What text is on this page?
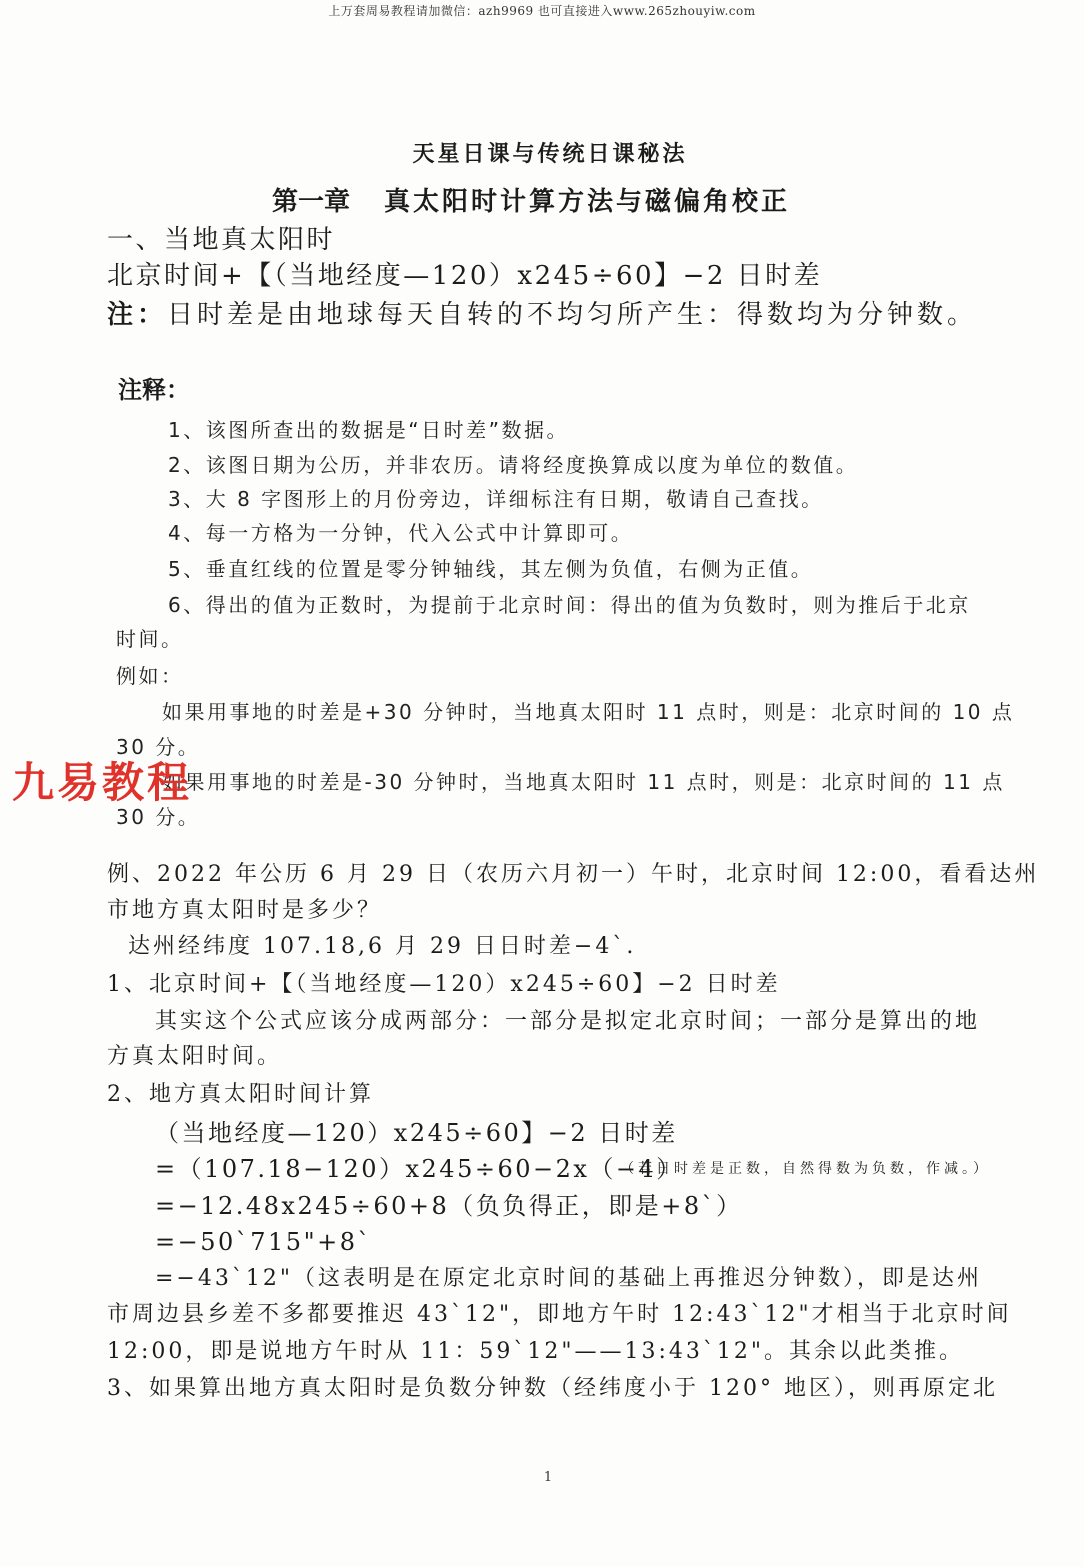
上万套周易教程请加微信：azh9969 也可直接进入www.265zhouyiw.com
天星日课与传统日课秘法
第一章 真太阳时计算方法与磁偏角校正
一、当地真太阳时
北京时间+【（当地经度—120）x245÷60】−2 日时差
注：日时差是由地球每天自转的不均匀所产生：得数均为分钟数。
注释：
1、该图所查出的数据是“日时差”数据。
2、该图日期为公历，并非农历。请将经度换算成以度为单位的数值。
3、大 8 字图形上的月份旁边，详细标注有日期，敬请自己查找。
4、每一方格为一分钟，代入公式中计算即可。
5、垂直红线的位置是零分钟轴线，其左侧为负值，右侧为正值。
6、得出的值为正数时，为提前于北京时间：得出的值为负数时，则为推后于北京
时间。
例如：
如果用事地的时差是+30 分钟时，当地真太阳时 11 点时，则是：北京时间的 10 点
30 分。
如果用事地的时差是-30 分钟时，当地真太阳时 11 点时，则是：北京时间的 11 点
30 分。
九易教程
例、2022 年公历 6 月 29 日（农历六月初一）午时，北京时间 12:00，看看达州
市地方真太阳时是多少？
达州经纬度 107.18,6 月 29 日日时差−4`.
1、北京时间+【（当地经度—120）x245÷60】−2 日时差
其实这个公式应该分成两部分：一部分是拟定北京时间；一部分是算出的地
方真太阳时间。
2、地方真太阳时间计算
（当地经度—120）x245÷60】−2 日时差
=（107.18−120）x245÷60−2x（−4）
（若日时差是正数，自然得数为负数，作减。）
=−12.48x245÷60+8（负负得正，即是+8`）
=−50`715"+8`
=−43`12"（这表明是在原定北京时间的基础上再推迟分钟数），即是达州
市周边县乡差不多都要推迟 43`12"，即地方午时 12:43`12"才相当于北京时间
12:00，即是说地方午时从 11：59`12"——13:43`12"。其余以此类推。
3、如果算出地方真太阳时是负数分钟数（经纬度小于 120° 地区），则再原定北
1
